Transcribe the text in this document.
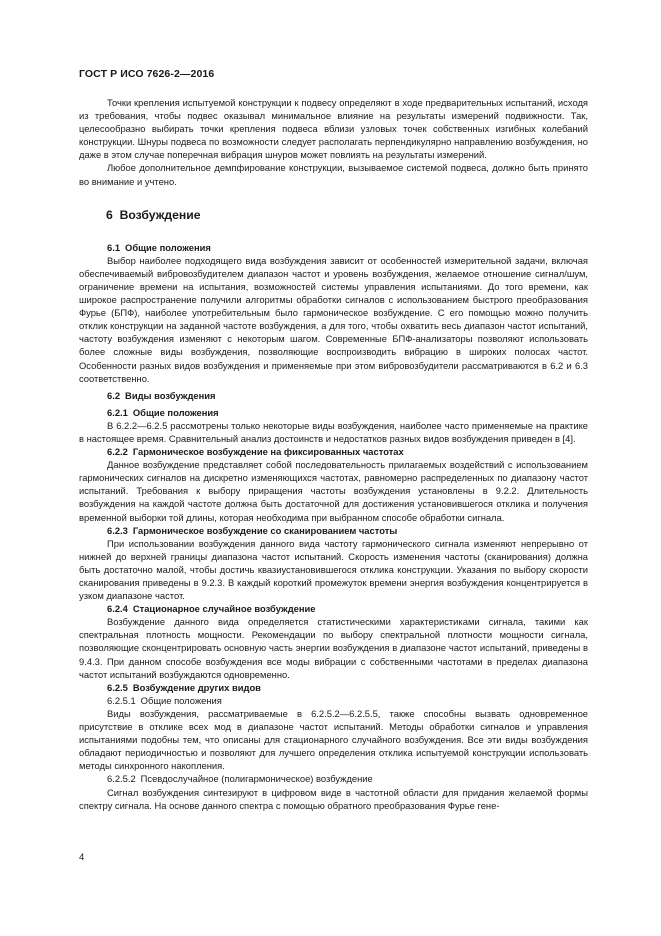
ГОСТ Р ИСО 7626-2—2016

Точки крепления испытуемой конструкции к подвесу определяют в ходе предварительных испытаний, исходя из требования, чтобы подвес оказывал минимальное влияние на результаты измерений подвижности. Так, целесообразно выбирать точки крепления подвеса вблизи узловых точек собственных изгибных колебаний конструкции. Шнуры подвеса по возможности следует располагать перпендикулярно направлению возбуждения, но даже в этом случае поперечная вибрация шнуров может повлиять на результаты измерений.

Любое дополнительное демпфирование конструкции, вызываемое системой подвеса, должно быть принято во внимание и учтено.

6 Возбуждение

6.1 Общие положения

Выбор наиболее подходящего вида возбуждения зависит от особенностей измерительной задачи, включая обеспечиваемый вибровозбудителем диапазон частот и уровень возбуждения, желаемое отношение сигнал/шум, ограничение времени на испытания, возможностей системы управления испытаниями. До того времени, как широкое распространение получили алгоритмы обработки сигналов с использованием быстрого преобразования Фурье (БПФ), наиболее употребительным было гармоническое возбуждение. С его помощью можно получить отклик конструкции на заданной частоте возбуждения, а для того, чтобы охватить весь диапазон частот испытаний, частоту возбуждения изменяют с некоторым шагом. Современные БПФ-анализаторы позволяют использовать более сложные виды возбуждения, позволяющие воспроизводить вибрацию в широких полосах частот. Особенности разных видов возбуждения и применяемые при этом вибровозбудители рассматриваются в 6.2 и 6.3 соответственно.

6.2 Виды возбуждения

6.2.1 Общие положения

В 6.2.2—6.2.5 рассмотрены только некоторые виды возбуждения, наиболее часто применяемые на практике в настоящее время. Сравнительный анализ достоинств и недостатков разных видов возбуждения приведен в [4].

6.2.2 Гармоническое возбуждение на фиксированных частотах

Данное возбуждение представляет собой последовательность прилагаемых воздействий с использованием гармонических сигналов на дискретно изменяющихся частотах, равномерно распределенных по диапазону частот испытаний. Требования к выбору приращения частоты возбуждения установлены в 9.2.2. Длительность возбуждения на каждой частоте должна быть достаточной для достижения установившегося отклика и получения временной выборки той длины, которая необходима при выбранном способе обработки сигнала.

6.2.3 Гармоническое возбуждение со сканированием частоты

При использовании возбуждения данного вида частоту гармонического сигнала изменяют непрерывно от нижней до верхней границы диапазона частот испытаний. Скорость изменения частоты (сканирования) должна быть достаточно малой, чтобы достичь квазиустановившегося отклика конструкции. Указания по выбору скорости сканирования приведены в 9.2.3. В каждый короткий промежуток времени энергия возбуждения концентрируется в узком диапазоне частот.

6.2.4 Стационарное случайное возбуждение

Возбуждение данного вида определяется статистическими характеристиками сигнала, такими как спектральная плотность мощности. Рекомендации по выбору спектральной плотности мощности сигнала, позволяющие сконцентрировать основную часть энергии возбуждения в диапазоне частот испытаний, приведены в 9.4.3. При данном способе возбуждения все моды вибрации с собственными частотами в пределах диапазона частот испытаний возбуждаются одновременно.

6.2.5 Возбуждение других видов

6.2.5.1 Общие положения

Виды возбуждения, рассматриваемые в 6.2.5.2—6.2.5.5, также способны вызвать одновременное присутствие в отклике всех мод в диапазоне частот испытаний. Методы обработки сигналов и управления испытаниями подобны тем, что описаны для стационарного случайного возбуждения. Все эти виды возбуждения обладают периодичностью и позволяют для лучшего определения отклика испытуемой конструкции использовать методы синхронного накопления.

6.2.5.2 Псевдослучайное (полигармоническое) возбуждение

Сигнал возбуждения синтезируют в цифровом виде в частотной области для придания желаемой формы спектру сигнала. На основе данного спектра с помощью обратного преобразования Фурье гене-

4
